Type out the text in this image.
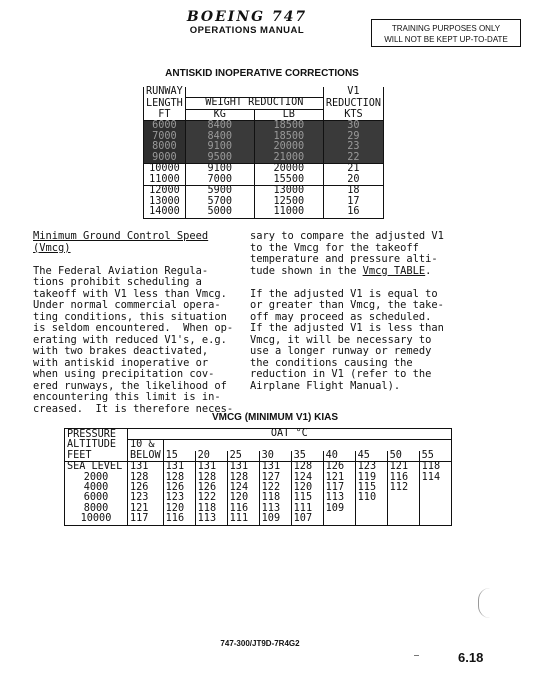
BOEING 747
OPERATIONS MANUAL	TRAINING PURPOSES ONLY
WILL NOT BE KEPT UP-TO-DATE
ANTISKID INOPERATIVE CORRECTIONS
RUNWAY			V1
LENGTH	WEIGHT REDUCTION		REDUCTION
FT	KG	LB	KTS
6000	8400	18500	30
7000	8400	18500	29
8000	9100	20000	23
9000	9500	21000	22
10000	9100	20000	21
11000	7000	15500	20
12000	5900	13000	18
13000	5700	12500	17
14000	5000	11000	16
Minimum Ground Control Speed
(Vmcg)

The Federal Aviation Regula-
tions prohibit scheduling a
takeoff with V1 less than Vmcg.
Under normal commercial opera-
ting conditions, this situation
is seldom encountered.  When op-
erating with reduced V1's, e.g.
with two brakes deactivated,
with antiskid inoperative or
when using precipitation cov-
ered runways, the likelihood of
encountering this limit is in-
creased.  It is therefore neces-
sary to compare the adjusted V1
to the Vmcg for the takeoff
temperature and pressure alti-
tude shown in the Vmcg TABLE.

If the adjusted V1 is equal to
or greater than Vmcg, the take-
off may proceed as scheduled.
If the adjusted V1 is less than
Vmcg, it will be necessary to
use a longer runway or remedy
the conditions causing the
reduction in V1 (refer to the
Airplane Flight Manual).
VMCG (MINIMUM V1) KIAS
PRESSURE	OAT °C									
ALTITUDE	10 &
BELOW									
FEET		15	20	25	30	35	40	45	50	55
SEA LEVEL	131	131	131	131	131	128	126	123	121	118
2000	128	128	128	128	127	124	121	119	116	114
4000	126	126	126	124	122	120	117	115	112	
6000	123	123	122	120	118	115	113	110		
8000	121	120	118	116	113	111	109			
10000	117	116	113	111	109	107				
747-300/JT9D-7R4G2
6.18
